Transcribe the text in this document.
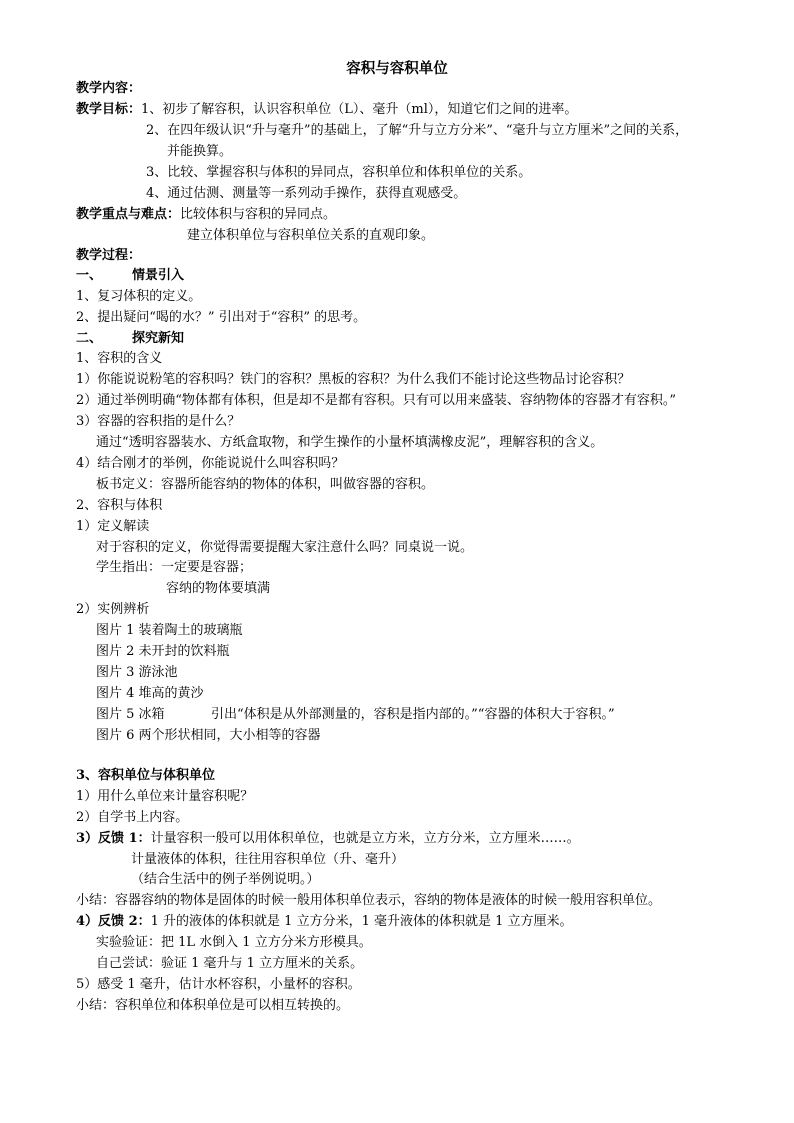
容积与容积单位
教学内容：
教学目标：1、初步了解容积，认识容积单位（L）、毫升（ml），知道它们之间的进率。
2、在四年级认识“升与毫升”的基础上，了解“升与立方分米”、“毫升与立方厘米”之间的关系，
并能换算。
3、比较、掌握容积与体积的异同点，容积单位和体积单位的关系。
4、通过估测、测量等一系列动手操作，获得直观感受。
教学重点与难点：比较体积与容积的异同点。
建立体积单位与容积单位关系的直观印象。
教学过程：
一、 情景引入
1、复习体积的定义。
2、提出疑问“喝的水？” 引出对于“容积” 的思考。
二、 探究新知
1、容积的含义
1）你能说说粉笔的容积吗？铁门的容积？黑板的容积？为什么我们不能讨论这些物品讨论容积？
2）通过举例明确“物体都有体积，但是却不是都有容积。只有可以用来盛装、容纳物体的容器才有容积。”
3）容器的容积指的是什么？
通过“透明容器装水、方纸盒取物，和学生操作的小量杯填满橡皮泥”，理解容积的含义。
4）结合刚才的举例，你能说说什么叫容积吗？
板书定义：容器所能容纳的物体的体积，叫做容器的容积。
2、容积与体积
1）定义解读
对于容积的定义，你觉得需要提醒大家注意什么吗？同桌说一说。
学生指出：一定要是容器；
容纳的物体要填满
2）实例辨析
图片 1 装着陶土的玻璃瓶
图片 2 未开封的饮料瓶
图片 3 游泳池
图片 4 堆高的黄沙
图片 5 冰箱	引出“体积是从外部测量的，容积是指内部的。”“容器的体积大于容积。”
图片 6 两个形状相同，大小相等的容器
3、容积单位与体积单位
1）用什么单位来计量容积呢？
2）自学书上内容。
3）反馈 1：计量容积一般可以用体积单位，也就是立方米，立方分米，立方厘米……。
计量液体的体积，往往用容积单位（升、毫升）
（结合生活中的例子举例说明。）
小结：容器容纳的物体是固体的时候一般用体积单位表示，容纳的物体是液体的时候一般用容积单位。
4）反馈 2：1 升的液体的体积就是 1 立方分米，1 毫升液体的体积就是 1 立方厘米。
实验验证：把 1L 水倒入 1 立方分米方形模具。
自己尝试：验证 1 毫升与 1 立方厘米的关系。
5）感受 1 毫升，估计水杯容积，小量杯的容积。
小结：容积单位和体积单位是可以相互转换的。
